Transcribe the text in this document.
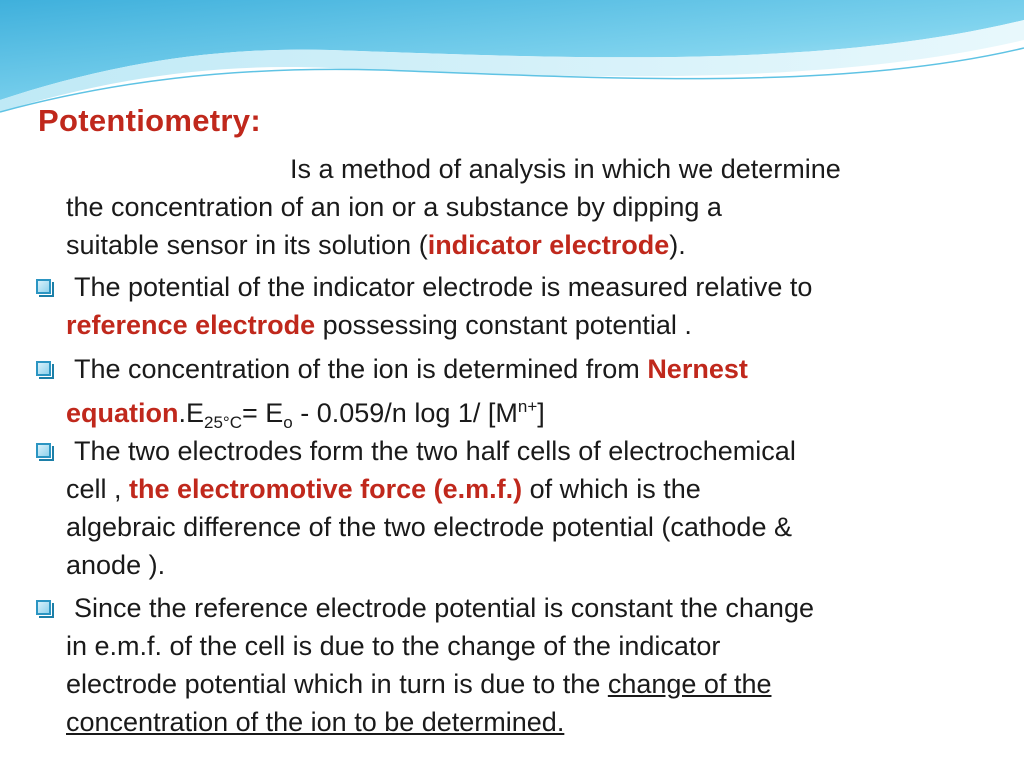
Potentiometry:
Is a method of analysis in which we determine
the concentration of an ion or a substance by dipping a
suitable sensor in its solution (indicator electrode).
The potential of the indicator electrode is measured relative to
reference electrode possessing constant potential .
The concentration of the ion is determined from Nernest
$equation.E_{25^\circ C}= E_o - 0.059/n$ log 1/ $[M^{n+}]$
The two electrodes form the two half cells of electrochemical
cell , the electromotive force (e.m.f.) of which is the
algebraic difference of the two electrode potential (cathode &
anode ).
Since the reference electrode potential is constant the change
in e.m.f. of the cell is due to the change of the indicator
electrode potential which in turn is due to the change of the
concentration of the ion to be determined.
